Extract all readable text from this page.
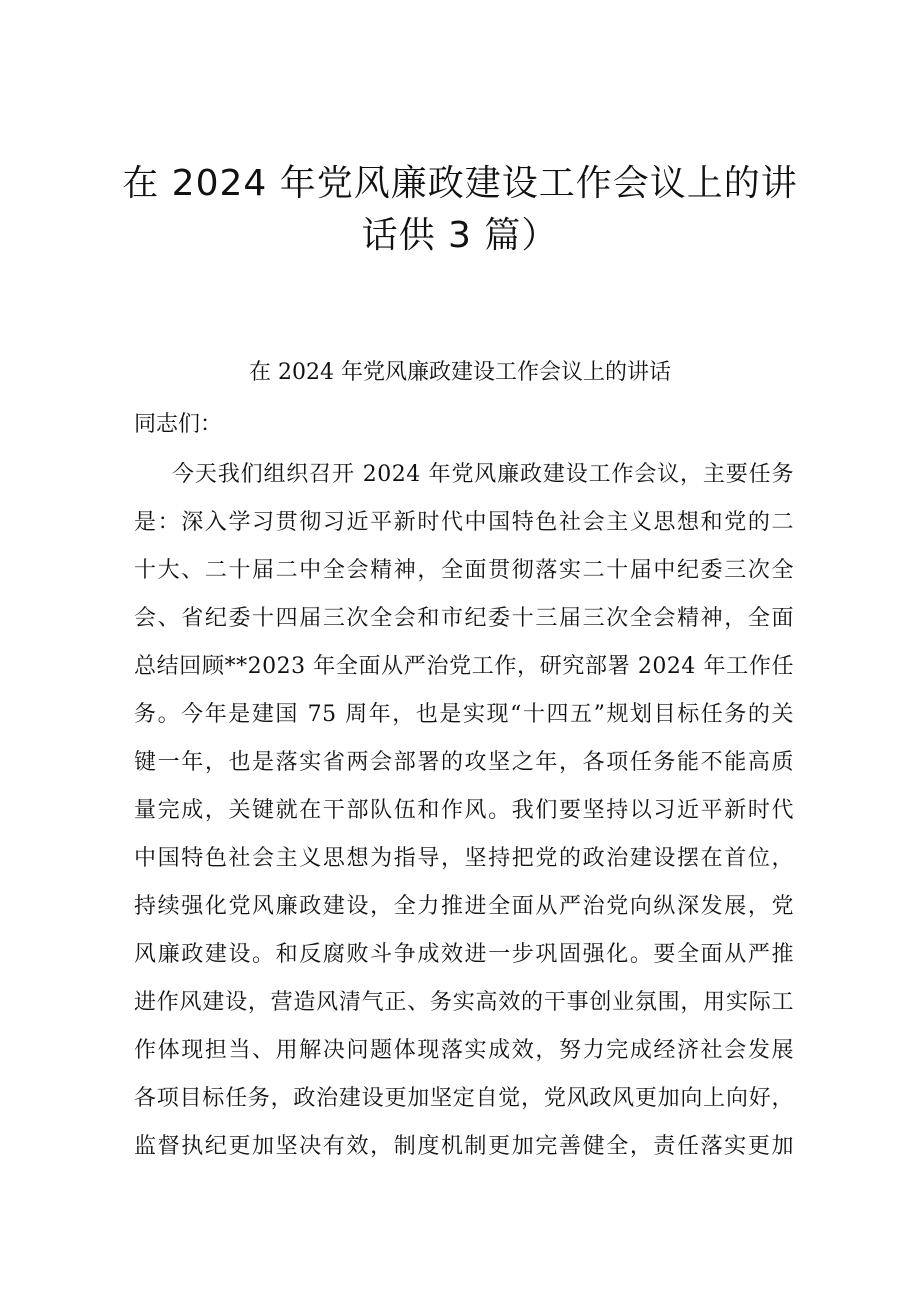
在 2024 年党风廉政建设工作会议上的讲
话供 3 篇）
在 2024 年党风廉政建设工作会议上的讲话

同志们：

今天我们组织召开 2024 年党风廉政建设工作会议，主要任务

是：深入学习贯彻习近平新时代中国特色社会主义思想和党的二

十大、二十届二中全会精神，全面贯彻落实二十届中纪委三次全

会、省纪委十四届三次全会和市纪委十三届三次全会精神，全面

总结回顾**2023 年全面从严治党工作，研究部署 2024 年工作任

务。今年是建国 75 周年，也是实现“十四五”规划目标任务的关

键一年，也是落实省两会部署的攻坚之年，各项任务能不能高质

量完成，关键就在干部队伍和作风。我们要坚持以习近平新时代

中国特色社会主义思想为指导，坚持把党的政治建设摆在首位，

持续强化党风廉政建设，全力推进全面从严治党向纵深发展，党

风廉政建设。和反腐败斗争成效进一步巩固强化。要全面从严推

进作风建设，营造风清气正、务实高效的干事创业氛围，用实际工

作体现担当、用解决问题体现落实成效，努力完成经济社会发展

各项目标任务，政治建设更加坚定自觉，党风政风更加向上向好，

监督执纪更加坚决有效，制度机制更加完善健全，责任落实更加
